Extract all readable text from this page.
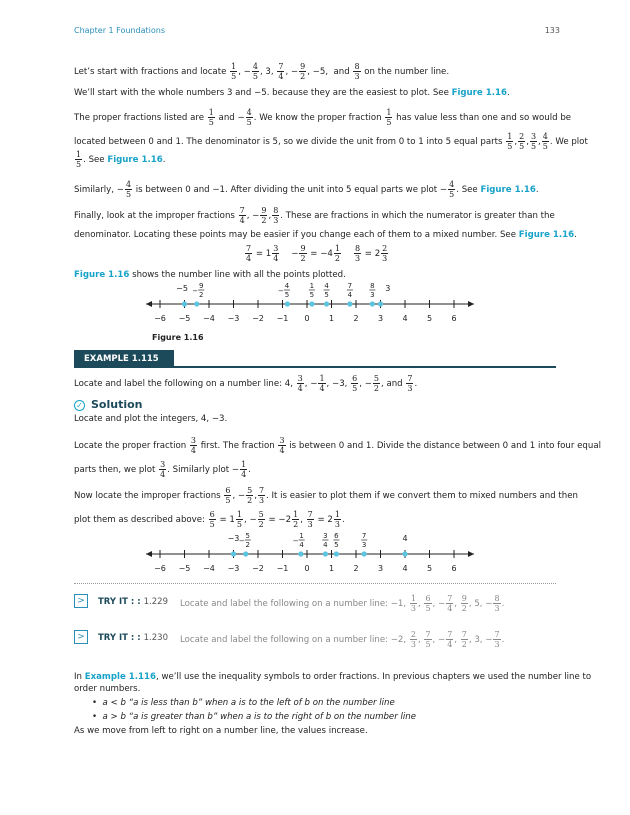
Chapter 1 Foundations	133
Let’s start with fractions and locate $\frac{1}{5}$ , − $\frac{4}{5}$ , 3, $\frac{7}{4}$ , − $\frac{9}{2}$ , −5,  and $\frac{8}{3}$ on the number line.
We’ll start with the whole numbers 3 and −5. because they are the easiest to plot. See Figure 1.16.
The proper fractions listed are $\frac{1}{5}$ and − $\frac{4}{5}$ . We know the proper fraction $\frac{1}{5}$ has value less than one and so would be
located between 0 and 1. The denominator is 5, so we divide the unit from 0 to 1 into 5 equal parts $\frac{1}{5}$ , $\frac{2}{5}$ , $\frac{3}{5}$ , $\frac{4}{5}$ . We plot
$\frac{1}{5}$ . See Figure 1.16.
Similarly, − $\frac{4}{5}$ is between 0 and −1. After dividing the unit into 5 equal parts we plot − $\frac{4}{5}$ . See Figure 1.16.
Finally, look at the improper fractions $\frac{7}{4}$ , − $\frac{9}{2}$ , $\frac{8}{3}$ . These are fractions in which the numerator is greater than the
denominator. Locating these points may be easier if you change each of them to a mixed number. See Figure 1.16.
$\frac{7}{4} = 1 \frac{3}{4} - \frac{9}{2} = -4 \frac{1}{2}$
$\frac{8}{3} = 2 \frac{2}{3}$
Figure 1.16 shows the number line with all the points plotted.
−6 −5 −4 −3 −2 −1 0 1 2 3 4 5 6
−5	3
9
2
−
4
5
−
1
5
4
5
7
4
8
3
Figure 1.16
EXAMPLE 1.115
Locate and label the following on a number line: 4, $\frac{3}{4}$ , − $\frac{1}{4}$ , −3, $\frac{6}{5}$ , − $\frac{5}{2}$ , and $\frac{7}{3}$ .
✓ Solution
Locate and plot the integers, 4, −3.
Locate the proper fraction $\frac{3}{4}$ first. The fraction $\frac{3}{4}$ is between 0 and 1. Divide the distance between 0 and 1 into four equal
parts then, we plot $\frac{3}{4}$ . Similarly plot − $\frac{1}{4}$ .
Now locate the improper fractions $\frac{6}{5}$ , − $\frac{5}{2}$ , $\frac{7}{3}$ . It is easier to plot them if we convert them to mixed numbers and then
plot them as described above: $\frac{6}{5} = 1 \frac{1}{5}$ , − $\frac{5}{2} = -2 \frac{1}{2}$ , $\frac{7}{3} = 2 \frac{1}{3}$ .
−6 −5 −4 −3 −2 −1 0 1 2 3 4 5 6
−3	4
5
2
−
1
4
−
3
4
6
5
7
3
>	TRY IT : : 1.229 Locate and label the following on a number line: −1, $\frac{1}{3}$ , $\frac{6}{5}$ , − $\frac{7}{4}$ , $\frac{9}{2}$ , 5, − $\frac{8}{3}$ .
>	TRY IT : : 1.230 Locate and label the following on a number line: −2, $\frac{2}{3}$ , $\frac{7}{5}$ , − $\frac{7}{4}$ , $\frac{7}{2}$ , 3, − $\frac{7}{3}$ .
In Example 1.116, we’ll use the inequality symbols to order fractions. In previous chapters we used the number line to
order numbers.
•  a < b “a is less than b” when a is to the left of b on the number line
•  a > b “a is greater than b” when a is to the right of b on the number line
As we move from left to right on a number line, the values increase.
